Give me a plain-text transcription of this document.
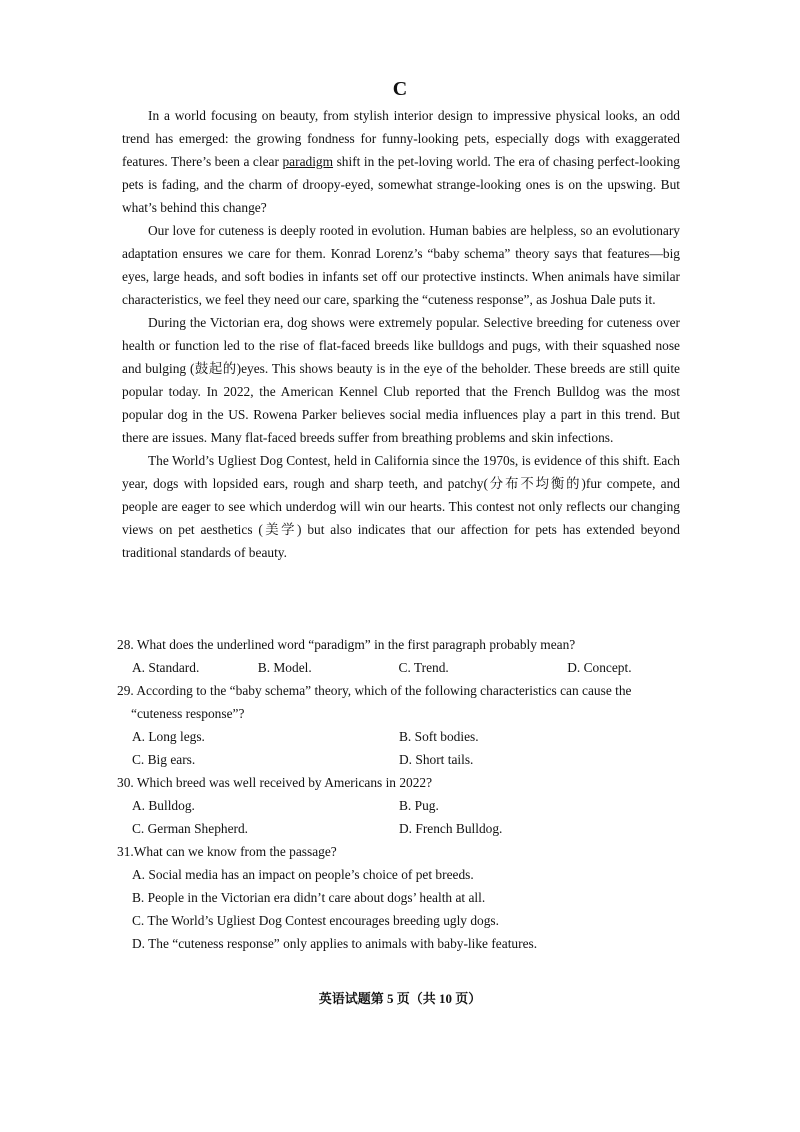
C

In a world focusing on beauty, from stylish interior design to impressive physical looks, an odd trend has emerged: the growing fondness for funny-looking pets, especially dogs with exaggerated features. There’s been a clear paradigm shift in the pet-loving world. The era of chasing perfect-looking pets is fading, and the charm of droopy-eyed, somewhat strange-looking ones is on the upswing. But what’s behind this change?

Our love for cuteness is deeply rooted in evolution. Human babies are helpless, so an evolutionary adaptation ensures we care for them. Konrad Lorenz’s “baby schema” theory says that features—big eyes, large heads, and soft bodies in infants set off our protective instincts. When animals have similar characteristics, we feel they need our care, sparking the “cuteness response”, as Joshua Dale puts it.

During the Victorian era, dog shows were extremely popular. Selective breeding for cuteness over health or function led to the rise of flat-faced breeds like bulldogs and pugs, with their squashed nose and bulging (鼓起的)eyes. This shows beauty is in the eye of the beholder. These breeds are still quite popular today. In 2022, the American Kennel Club reported that the French Bulldog was the most popular dog in the US. Rowena Parker believes social media influences play a part in this trend. But there are issues. Many flat-faced breeds suffer from breathing problems and skin infections.

The World’s Ugliest Dog Contest, held in California since the 1970s, is evidence of this shift. Each year, dogs with lopsided ears, rough and sharp teeth, and patchy(分布不均衡的)fur compete, and people are eager to see which underdog will win our hearts. This contest not only reflects our changing views on pet aesthetics (美学) but also indicates that our affection for pets has extended beyond traditional standards of beauty.

28. What does the underlined word “paradigm” in the first paragraph probably mean?

A. Standard.	B. Model.	C. Trend.	D. Concept.

29. According to the “baby schema” theory, which of the following characteristics can cause the

“cuteness response”?

A. Long legs.	B. Soft bodies.

C. Big ears.	D. Short tails.

30. Which breed was well received by Americans in 2022?

A. Bulldog.	B. Pug.

C. German Shepherd.	D. French Bulldog.

31.What can we know from the passage?

A. Social media has an impact on people’s choice of pet breeds.

B. People in the Victorian era didn’t care about dogs’ health at all.

C. The World’s Ugliest Dog Contest encourages breeding ugly dogs.

D. The “cuteness response” only applies to animals with baby-like features.

英语试题第 5 页（共 10 页）
